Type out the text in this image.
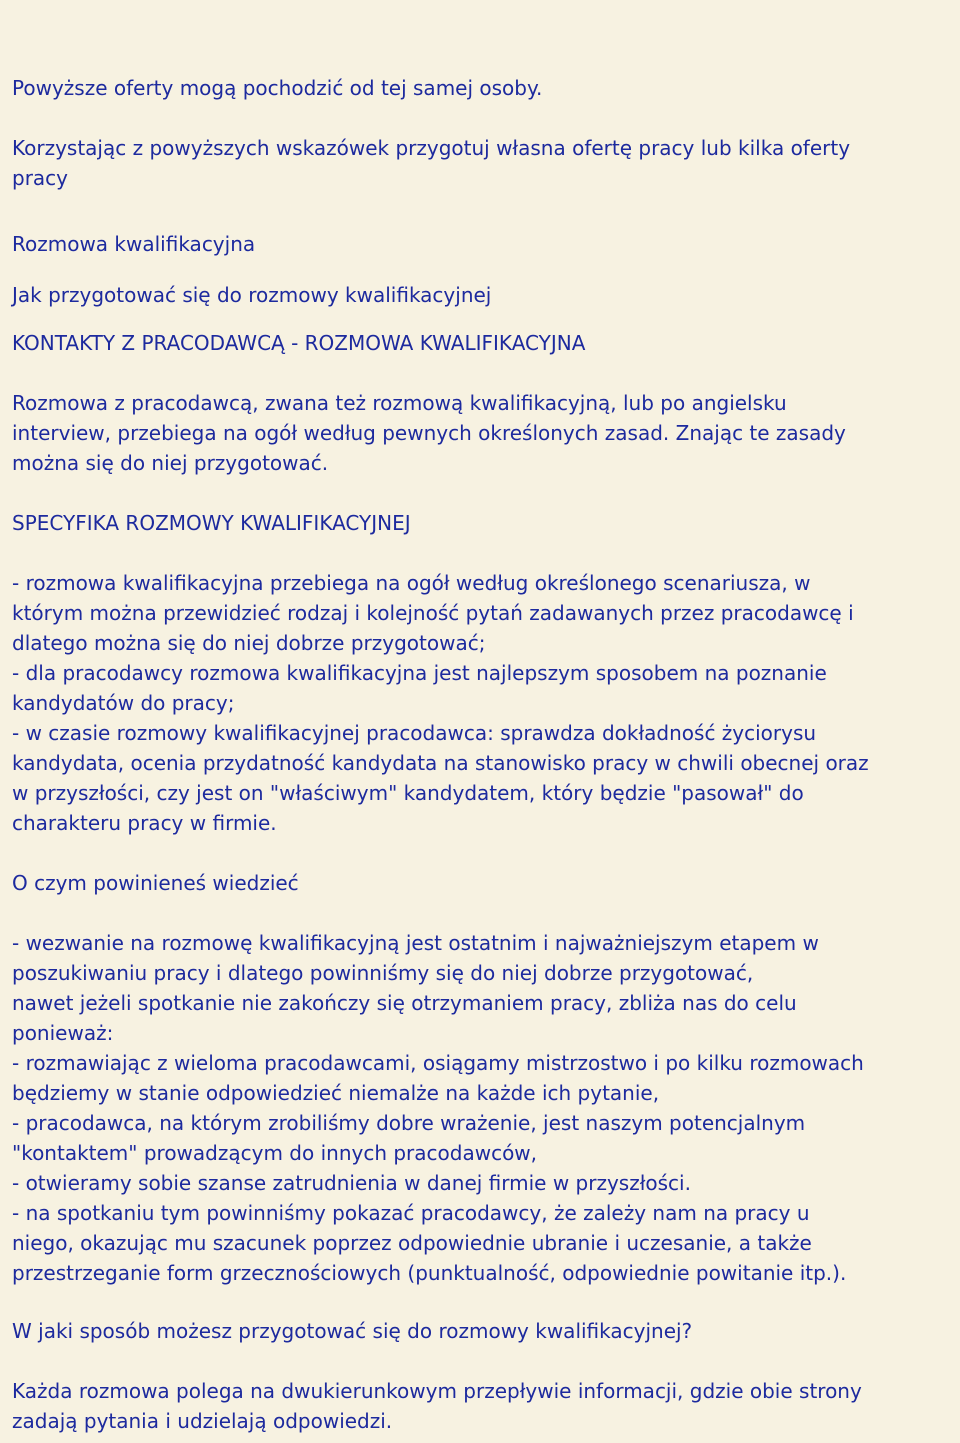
Powyższe oferty mogą pochodzić od tej samej osoby.

Korzystając z powyższych wskazówek przygotuj własna ofertę pracy lub kilka oferty
pracy

Rozmowa kwalifikacyjna

Jak przygotować się do rozmowy kwalifikacyjnej

KONTAKTY Z PRACODAWCĄ - ROZMOWA KWALIFIKACYJNA

Rozmowa z pracodawcą, zwana też rozmową kwalifikacyjną, lub po angielsku
interview, przebiega na ogół według pewnych określonych zasad. Znając te zasady
można się do niej przygotować.

SPECYFIKA ROZMOWY KWALIFIKACYJNEJ

- rozmowa kwalifikacyjna przebiega na ogół według określonego scenariusza, w
którym można przewidzieć rodzaj i kolejność pytań zadawanych przez pracodawcę i
dlatego można się do niej dobrze przygotować;
- dla pracodawcy rozmowa kwalifikacyjna jest najlepszym sposobem na poznanie
kandydatów do pracy;
- w czasie rozmowy kwalifikacyjnej pracodawca: sprawdza dokładność życiorysu
kandydata, ocenia przydatność kandydata na stanowisko pracy w chwili obecnej oraz
w przyszłości, czy jest on "właściwym" kandydatem, który będzie "pasował" do
charakteru pracy w firmie.

O czym powinieneś wiedzieć

- wezwanie na rozmowę kwalifikacyjną jest ostatnim i najważniejszym etapem w
poszukiwaniu pracy i dlatego powinniśmy się do niej dobrze przygotować,
nawet jeżeli spotkanie nie zakończy się otrzymaniem pracy, zbliża nas do celu
ponieważ:
- rozmawiając z wieloma pracodawcami, osiągamy mistrzostwo i po kilku rozmowach
będziemy w stanie odpowiedzieć niemalże na każde ich pytanie,
- pracodawca, na którym zrobiliśmy dobre wrażenie, jest naszym potencjalnym
"kontaktem" prowadzącym do innych pracodawców,
- otwieramy sobie szanse zatrudnienia w danej firmie w przyszłości.
- na spotkaniu tym powinniśmy pokazać pracodawcy, że zależy nam na pracy u
niego, okazując mu szacunek poprzez odpowiednie ubranie i uczesanie, a także
przestrzeganie form grzecznościowych (punktualność, odpowiednie powitanie itp.).

W jaki sposób możesz przygotować się do rozmowy kwalifikacyjnej?

Każda rozmowa polega na dwukierunkowym przepływie informacji, gdzie obie strony
zadają pytania i udzielają odpowiedzi.
